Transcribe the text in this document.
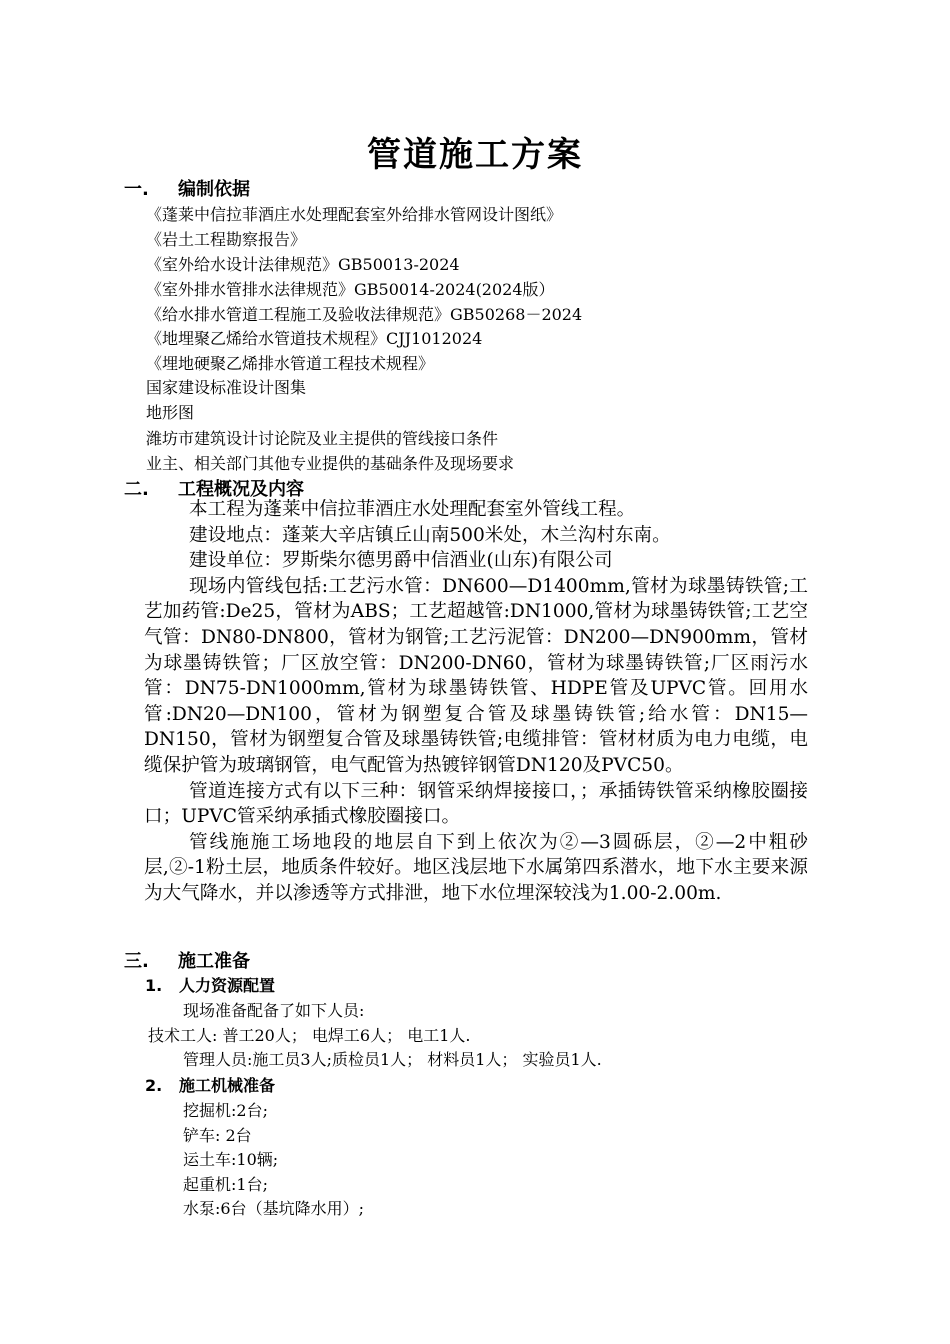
管道施工方案
一. 编制依据
《蓬莱中信拉菲酒庄水处理配套室外给排水管网设计图纸》
《岩土工程勘察报告》
《室外给水设计法律规范》GB50013-2024
《室外排水管排水法律规范》GB50014-2024(2024版）
《给水排水管道工程施工及验收法律规范》GB50268－2024
《地埋聚乙烯给水管道技术规程》CJJ1012024
《埋地硬聚乙烯排水管道工程技术规程》
国家建设标准设计图集
地形图
潍坊市建筑设计讨论院及业主提供的管线接口条件
业主、相关部门其他专业提供的基础条件及现场要求
二. 工程概况及内容

本工程为蓬莱中信拉菲酒庄水处理配套室外管线工程。

建设地点：蓬莱大辛店镇丘山南500米处，木兰沟村东南。

建设单位：罗斯柴尔德男爵中信酒业(山东)有限公司

现场内管线包括:工艺污水管：DN600—D1400mm,管材为球墨铸铁管;工艺加药管:De25，管材为ABS；工艺超越管:DN1000,管材为球墨铸铁管;工艺空气管：DN80-DN800，管材为钢管;工艺污泥管：DN200—DN900mm，管材为球墨铸铁管；厂区放空管：DN200-DN60，管材为球墨铸铁管;厂区雨污水管：DN75-DN1000mm,管材为球墨铸铁管、HDPE管及UPVC管。回用水管:DN20—DN100，管材为钢塑复合管及球墨铸铁管;给水管：DN15—DN150，管材为钢塑复合管及球墨铸铁管;电缆排管：管材材质为电力电缆，电缆保护管为玻璃钢管，电气配管为热镀锌钢管DN120及PVC50。

管道连接方式有以下三种：钢管采纳焊接接口，；承插铸铁管采纳橡胶圈接口；UPVC管采纳承插式橡胶圈接口。

管线施施工场地段的地层自下到上依次为②—3圆砾层，②—2中粗砂层,②-1粉土层，地质条件较好。地区浅层地下水属第四系潜水，地下水主要来源为大气降水，并以渗透等方式排泄，地下水位埋深较浅为1.00-2.00m.

三. 施工准备
1. 人力资源配置
现场准备配备了如下人员:
技术工人: 普工20人； 电焊工6人； 电工1人.
管理人员:施工员3人;质检员1人； 材料员1人； 实验员1人.
2. 施工机械准备
挖掘机:2台;
铲车: 2台
运土车:10辆;
起重机:1台;
水泵:6台（基坑降水用）;
